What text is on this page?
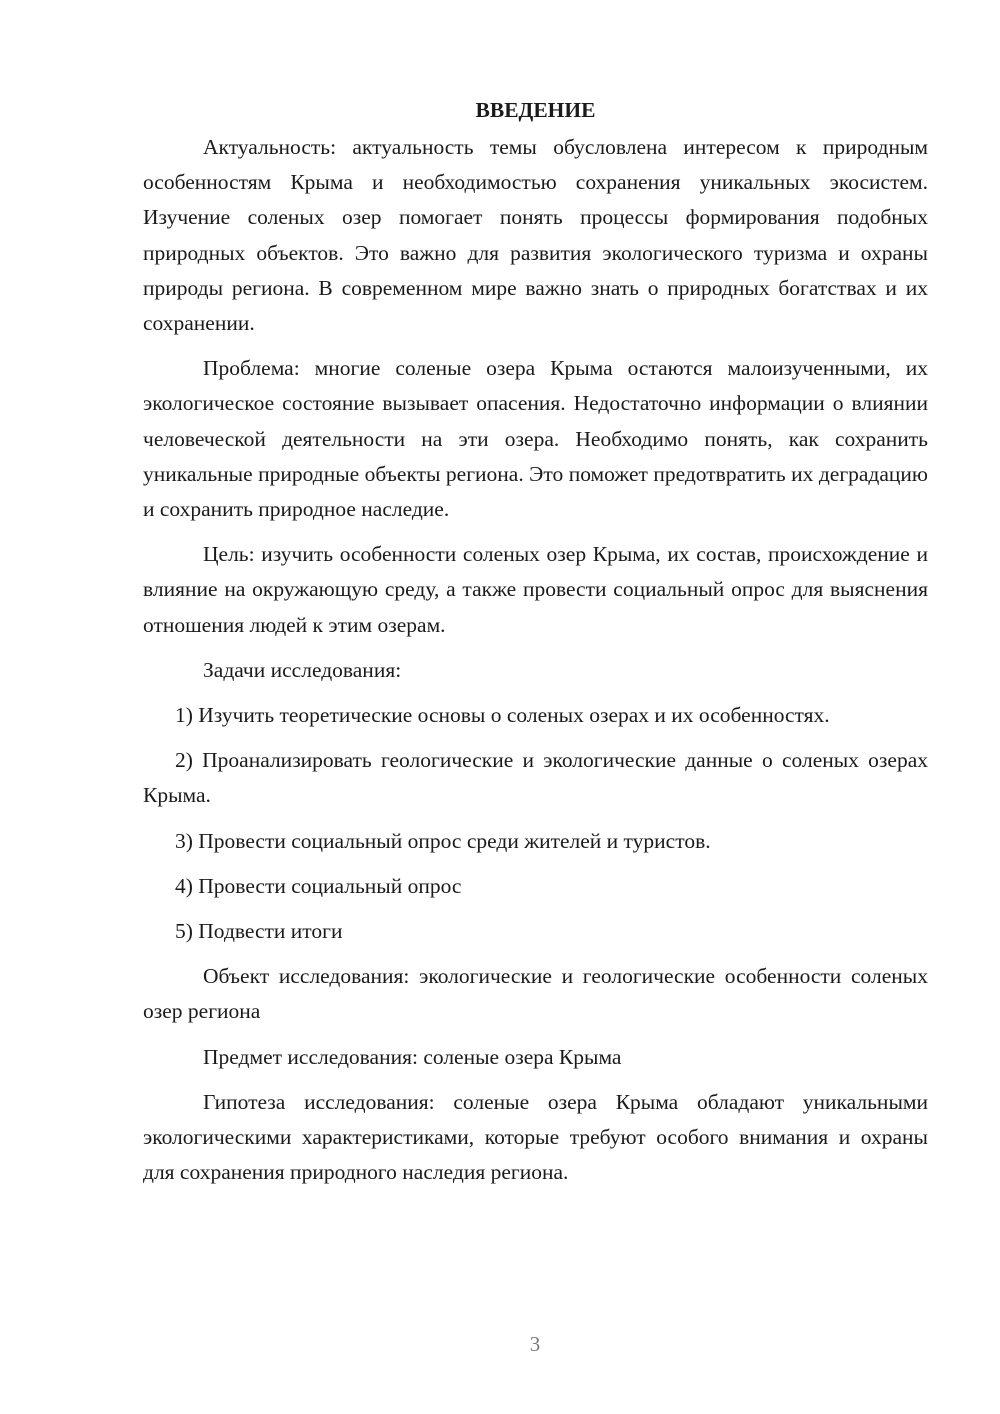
ВВЕДЕНИЕ

Актуальность: актуальность темы обусловлена интересом к природным особенностям Крыма и необходимостью сохранения уникальных экосистем. Изучение соленых озер помогает понять процессы формирования подобных природных объектов. Это важно для развития экологического туризма и охраны природы региона. В современном мире важно знать о природных богатствах и их сохранении.

Проблема: многие соленые озера Крыма остаются малоизученными, их экологическое состояние вызывает опасения. Недостаточно информации о влиянии человеческой деятельности на эти озера. Необходимо понять, как сохранить уникальные природные объекты региона. Это поможет предотвратить их деградацию и сохранить природное наследие.

Цель: изучить особенности соленых озер Крыма, их состав, происхождение и влияние на окружающую среду, а также провести социальный опрос для выяснения отношения людей к этим озерам.

Задачи исследования:

1) Изучить теоретические основы о соленых озерах и их особенностях.

2) Проанализировать геологические и экологические данные о соленых озерах Крыма.

3) Провести социальный опрос среди жителей и туристов.

4) Провести социальный опрос

5) Подвести итоги

Объект исследования: экологические и геологические особенности соленых озер региона

Предмет исследования: соленые озера Крыма

Гипотеза исследования: соленые озера Крыма обладают уникальными экологическими характеристиками, которые требуют особого внимания и охраны для сохранения природного наследия региона.

3
